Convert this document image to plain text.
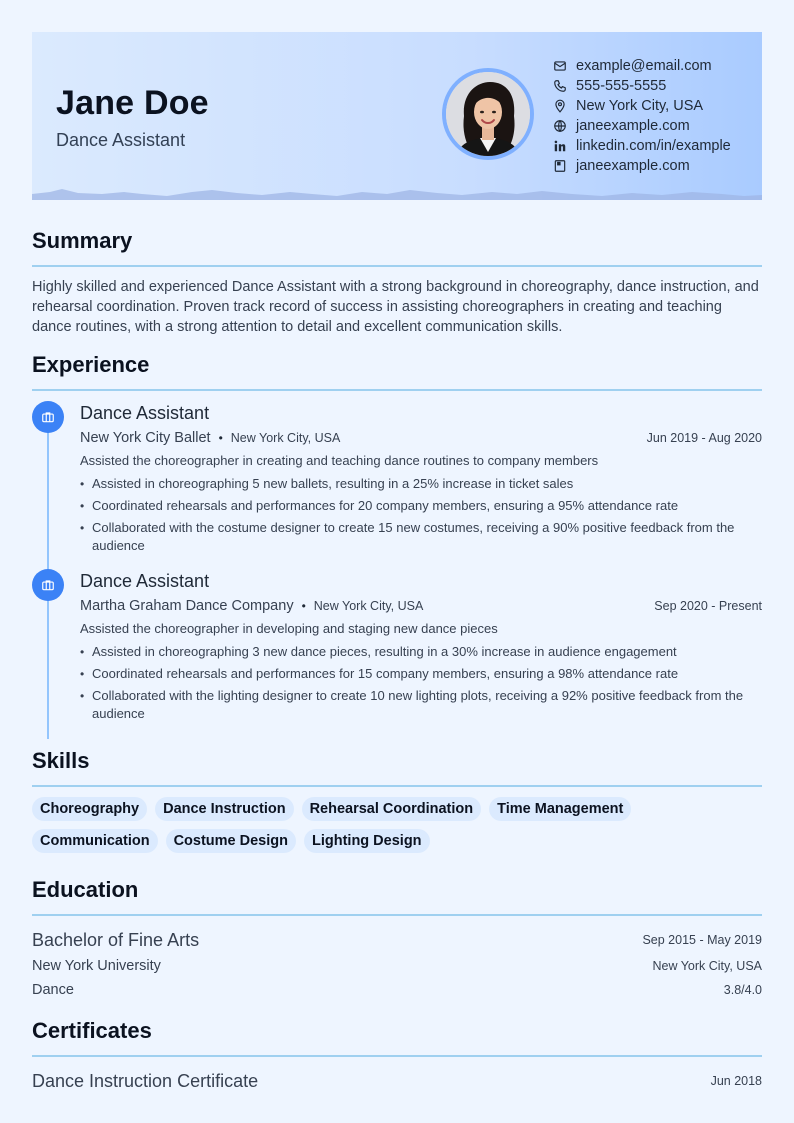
Jane Doe
Dance Assistant
example@email.com
555-555-5555
New York City, USA
janeexample.com
linkedin.com/in/example
janeexample.com
Summary
Highly skilled and experienced Dance Assistant with a strong background in choreography, dance instruction, and rehearsal coordination. Proven track record of success in assisting choreographers in creating and teaching dance routines, with a strong attention to detail and excellent communication skills.
Experience
Dance Assistant
New York City Ballet • New York City, USA	Jun 2019 - Aug 2020
Assisted the choreographer in creating and teaching dance routines to company members
• Assisted in choreographing 5 new ballets, resulting in a 25% increase in ticket sales
• Coordinated rehearsals and performances for 20 company members, ensuring a 95% attendance rate
• Collaborated with the costume designer to create 15 new costumes, receiving a 90% positive feedback from the audience
Dance Assistant
Martha Graham Dance Company • New York City, USA	Sep 2020 - Present
Assisted the choreographer in developing and staging new dance pieces
• Assisted in choreographing 3 new dance pieces, resulting in a 30% increase in audience engagement
• Coordinated rehearsals and performances for 15 company members, ensuring a 98% attendance rate
• Collaborated with the lighting designer to create 10 new lighting plots, receiving a 92% positive feedback from the audience
Skills
Choreography	Dance Instruction	Rehearsal Coordination	Time Management
Communication	Costume Design	Lighting Design
Education
Bachelor of Fine Arts	Sep 2015 - May 2019
New York University	New York City, USA
Dance	3.8/4.0
Certificates
Dance Instruction Certificate	Jun 2018
